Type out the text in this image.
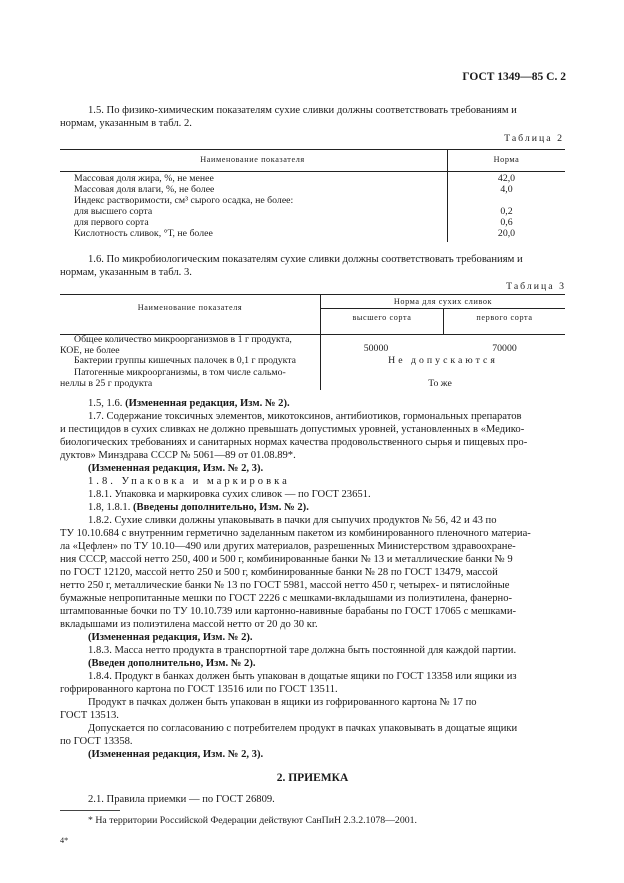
ГОСТ 1349—85 С. 2
1.5. По физико-химическим показателям сухие сливки должны соответствовать требованиям и
нормам, указанным в табл. 2.
Таблица 2
Наименование показателя	Норма
Массовая доля жира, %, не менее	42,0
Массовая доля влаги, %, не более	4,0
Индекс растворимости, см³ сырого осадка, не более:
для высшего сорта	0,2
для первого сорта	0,6
Кислотность сливок, °Т, не более	20,0
1.6. По микробиологическим показателям сухие сливки должны соответствовать требованиям и
нормам, указанным в табл. 3.
Таблица 3
Наименование показателя
Норма для сухих сливок
высшего сорта	первого сорта
Общее количество микроорганизмов в 1 г продукта,
КОЕ, не более	50000	70000
Бактерии группы кишечных палочек в 0,1 г продукта	Не допускаются
Патогенные микроорганизмы, в том числе сальмо-
неллы в 25 г продукта	То же
1.5, 1.6. (Измененная редакция, Изм. № 2).
1.7. Содержание токсичных элементов, микотоксинов, антибиотиков, гормональных препаратов
и пестицидов в сухих сливках не должно превышать допустимых уровней, установленных в «Медико-
биологических требованиях и санитарных нормах качества продовольственного сырья и пищевых про-
дуктов» Минздрава СССР № 5061—89 от 01.08.89*.
(Измененная редакция, Изм. № 2, 3).
1.8. Упаковка и маркировка
1.8.1. Упаковка и маркировка сухих сливок — по ГОСТ 23651.
1.8, 1.8.1. (Введены дополнительно, Изм. № 2).
1.8.2. Сухие сливки должны упаковывать в пачки для сыпучих продуктов № 56, 42 и 43 по
ТУ 10.10.684 с внутренним герметично заделанным пакетом из комбинированного пленочного материа-
ла «Цефлен» по ТУ 10.10—490 или других материалов, разрешенных Министерством здравоохране-
ния СССР, массой нетто 250, 400 и 500 г, комбинированные банки № 13 и металлические банки № 9
по ГОСТ 12120, массой нетто 250 и 500 г, комбинированные банки № 28 по ГОСТ 13479, массой
нетто 250 г, металлические банки № 13 по ГОСТ 5981, массой нетто 450 г, четырех- и пятислойные
бумажные непропитанные мешки по ГОСТ 2226 с мешками-вкладышами из полиэтилена, фанерно-
штампованные бочки по ТУ 10.10.739 или картонно-навивные барабаны по ГОСТ 17065 с мешками-
вкладышами из полиэтилена массой нетто от 20 до 30 кг.
(Измененная редакция, Изм. № 2).
1.8.3. Масса нетто продукта в транспортной таре должна быть постоянной для каждой партии.
(Введен дополнительно, Изм. № 2).
1.8.4. Продукт в банках должен быть упакован в дощатые ящики по ГОСТ 13358 или ящики из
гофрированного картона по ГОСТ 13516 или по ГОСТ 13511.
Продукт в пачках должен быть упакован в ящики из гофрированного картона № 17 по
ГОСТ 13513.
Допускается по согласованию с потребителем продукт в пачках упаковывать в дощатые ящики
по ГОСТ 13358.
(Измененная редакция, Изм. № 2, 3).
2. ПРИЕМКА
2.1. Правила приемки — по ГОСТ 26809.
* На территории Российской Федерации действуют СанПиН 2.3.2.1078—2001.
4*
